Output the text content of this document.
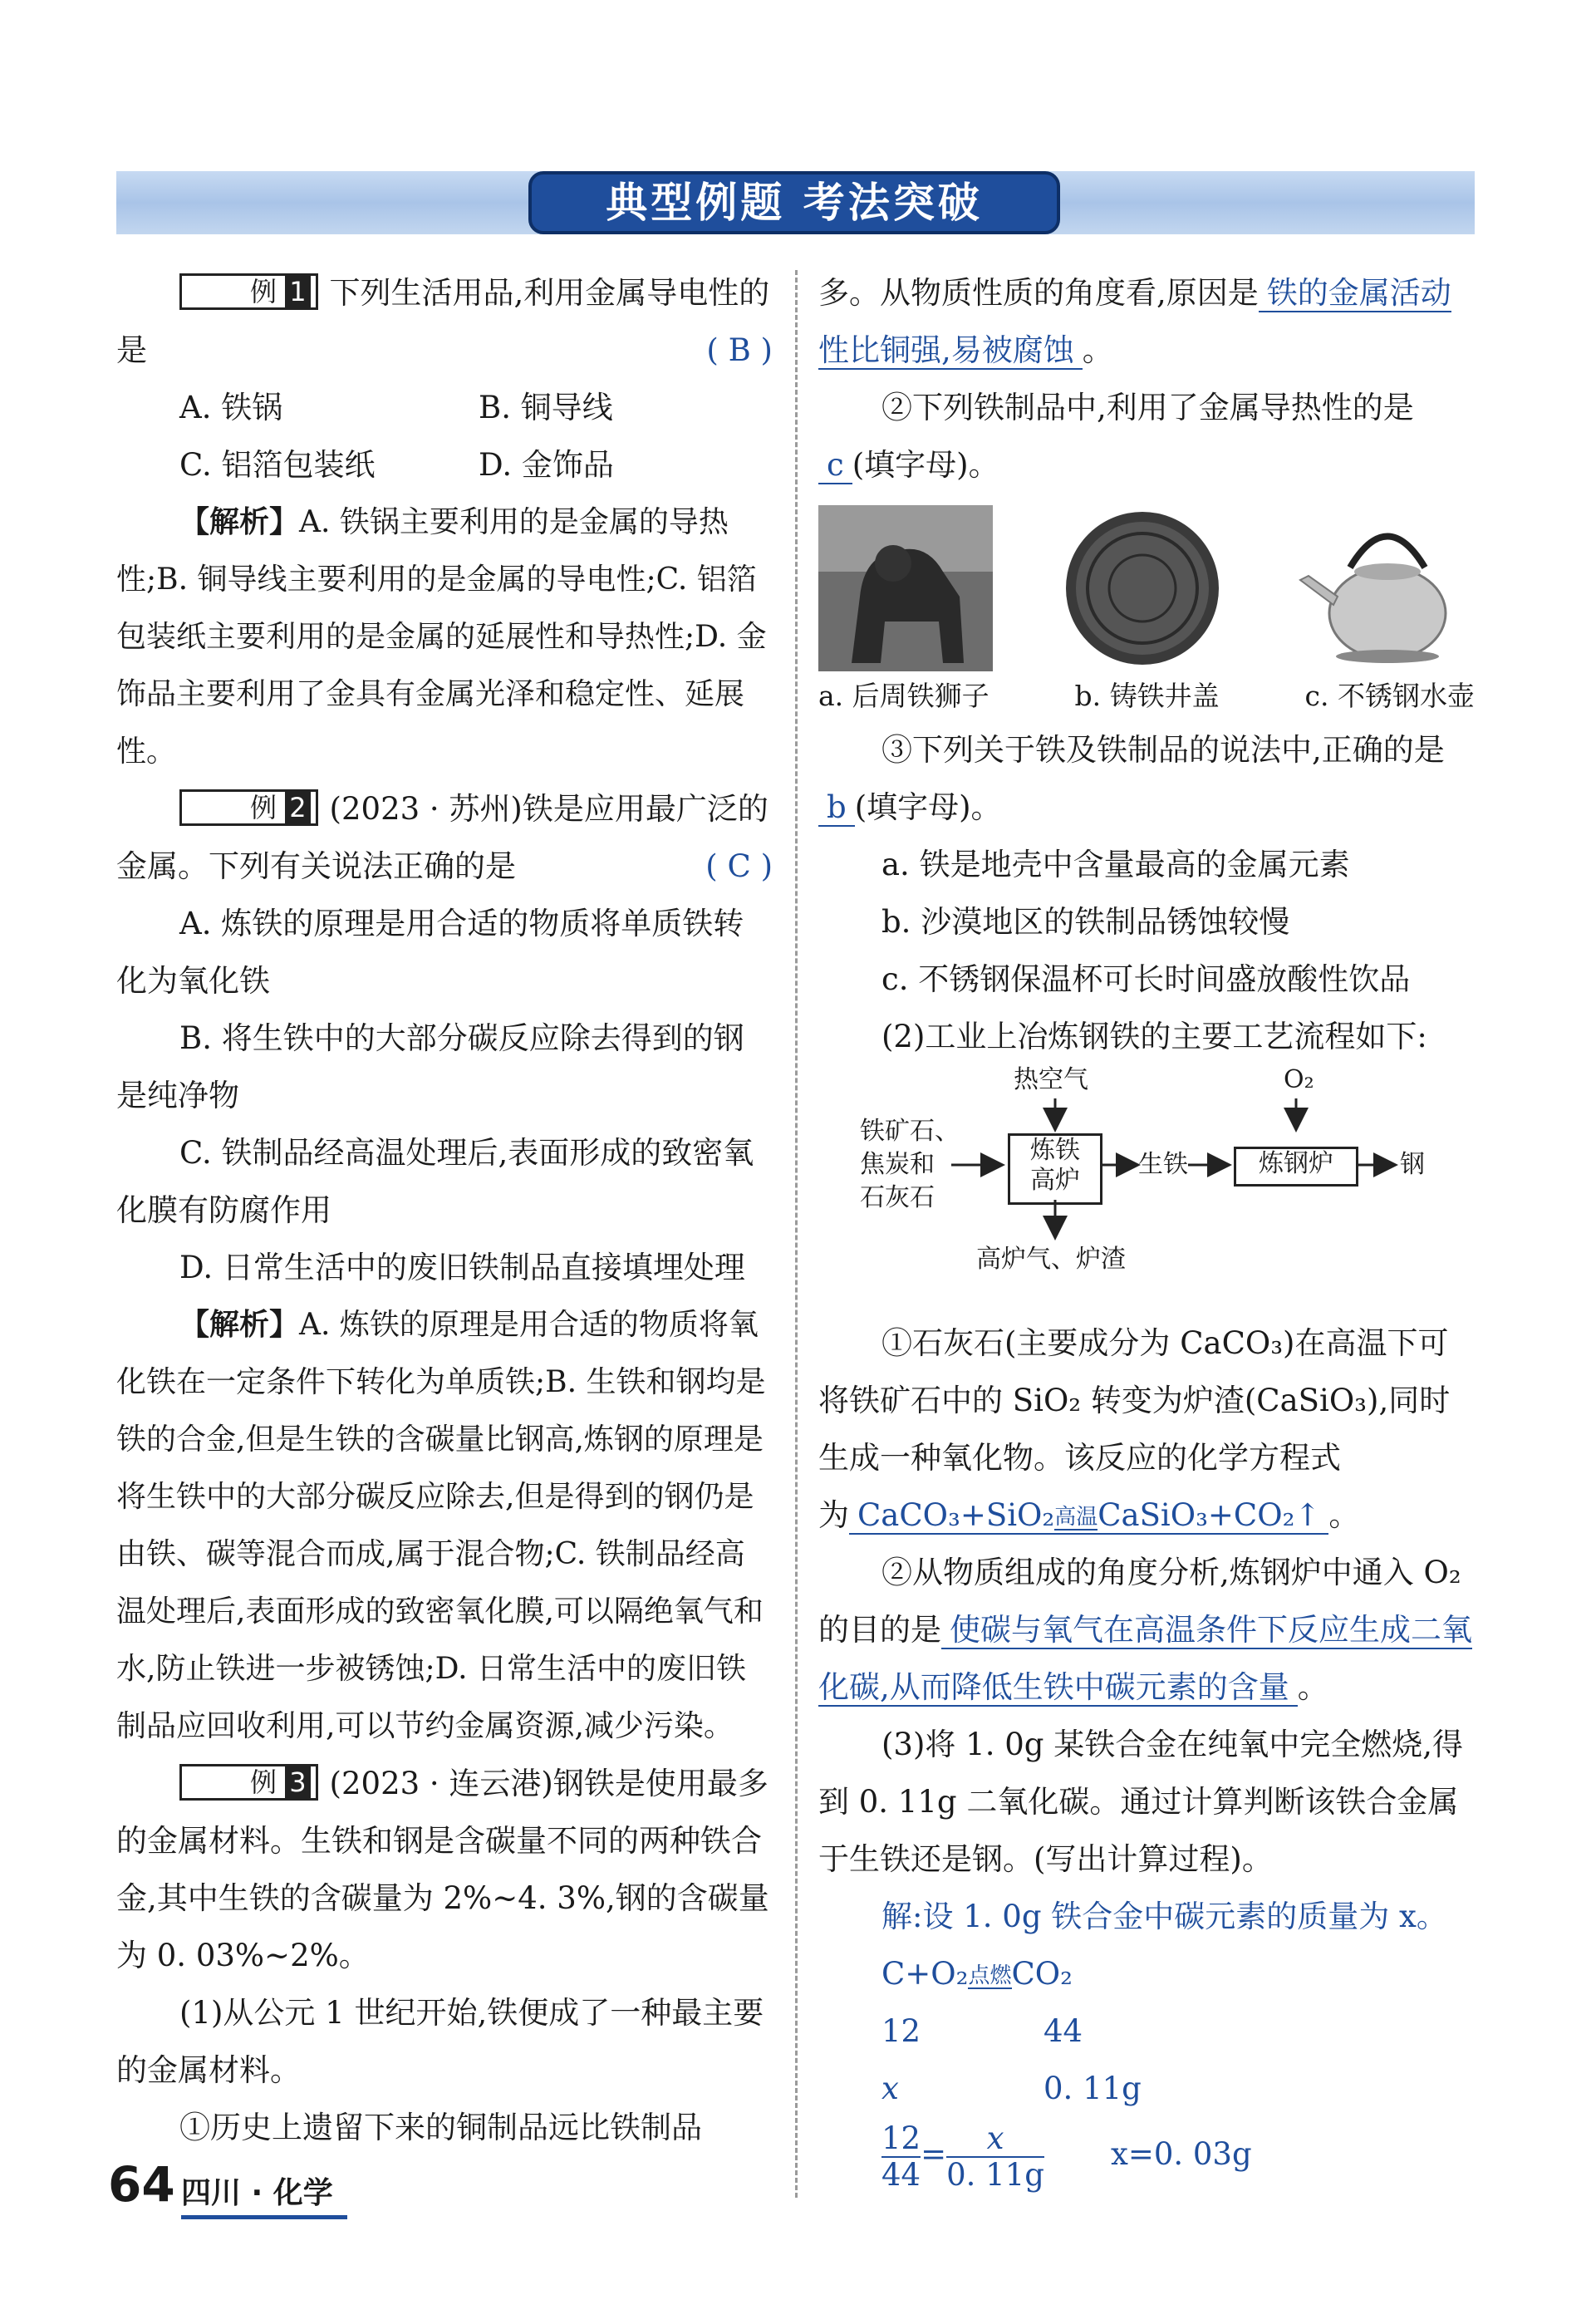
典型例题 考法突破

例 1 下列生活用品,利用金属导电性的

是	( B )

A. 铁锅	B. 铜导线
C. 铝箔包装纸	D. 金饰品

【解析】A. 铁锅主要利用的是金属的导热性;B. 铜导线主要利用的是金属的导电性;C. 铝箔包装纸主要利用的是金属的延展性和导热性;D. 金饰品主要利用了金具有金属光泽和稳定性、延展性。

例 2 (2023 · 苏州)铁是应用最广泛的

金属。下列有关说法正确的是	( C )

A. 炼铁的原理是用合适的物质将单质铁转化为氧化铁

B. 将生铁中的大部分碳反应除去得到的钢是纯净物

C. 铁制品经高温处理后,表面形成的致密氧化膜有防腐作用

D. 日常生活中的废旧铁制品直接填埋处理

【解析】A. 炼铁的原理是用合适的物质将氧化铁在一定条件下转化为单质铁;B. 生铁和钢均是铁的合金,但是生铁的含碳量比钢高,炼钢的原理是将生铁中的大部分碳反应除去,但是得到的钢仍是由铁、碳等混合而成,属于混合物;C. 铁制品经高温处理后,表面形成的致密氧化膜,可以隔绝氧气和水,防止铁进一步被锈蚀;D. 日常生活中的废旧铁制品应回收利用,可以节约金属资源,减少污染。

例 3 (2023 · 连云港)钢铁是使用最多

的金属材料。生铁和钢是含碳量不同的两种铁合金,其中生铁的含碳量为 2%~4. 3%,钢的含碳量为 0. 03%~2%。

(1)从公元 1 世纪开始,铁便成了一种最主要的金属材料。

①历史上遗留下来的铜制品远比铁制品

多。从物质性质的角度看,原因是 铁的金属活动性比铜强,易被腐蚀 。

②下列铁制品中,利用了金属导热性的是c (填字母)。

a. 后周铁狮子	b. 铸铁井盖	c. 不锈钢水壶

③下列关于铁及铁制品的说法中,正确的是b (填字母)。

a. 铁是地壳中含量最高的金属元素

b. 沙漠地区的铁制品锈蚀较慢

c. 不锈钢保温杯可长时间盛放酸性饮品

(2)工业上冶炼钢铁的主要工艺流程如下:

热空气	O₂
铁矿石、
焦炭和
石灰石
炼铁
高炉
生铁	炼钢炉	钢
高炉气、炉渣

①石灰石(主要成分为 CaCO₃)在高温下可将铁矿石中的 SiO₂ 转变为炉渣(CaSiO₃),同时生成一种氧化物。该反应的化学方程式

为 CaCO₃+SiO₂ 高温 CaSiO₃+CO₂↑ 。

②从物质组成的角度分析,炼钢炉中通入 O₂ 的目的是 使碳与氧气在高温条件下反应生成二氧化碳,从而降低生铁中碳元素的含量 。

(3)将 1. 0g 某铁合金在纯氧中完全燃烧,得到 0. 11g 二氧化碳。通过计算判断该铁合金属于生铁还是钢。(写出计算过程)。

解:设 1. 0g 铁合金中碳元素的质量为 x。

C+O₂ 点燃 CO₂

12	44
x	0. 11g

$\frac{12}{44}= \frac{x}{0. 11g} x=0$. 03g

64 四川 · 化学
